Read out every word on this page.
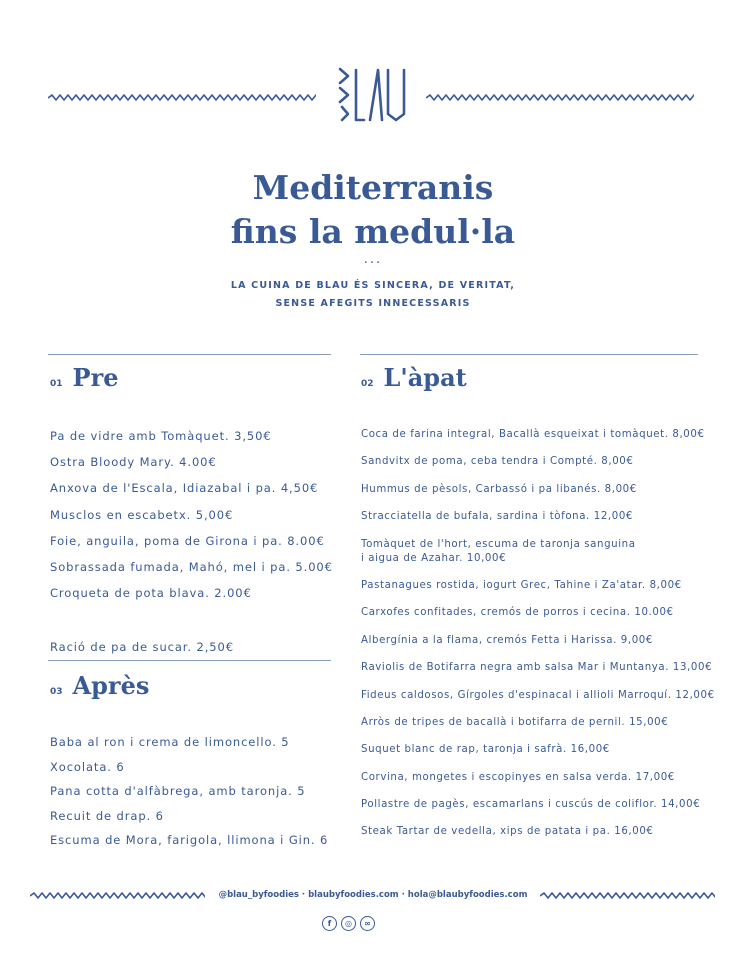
Mediterranis
fins la medul·la
...
LA CUINA DE BLAU ÉS SINCERA, DE VERITAT,
SENSE AFEGITS INNECESSARIS
01 Pre
Pa de vidre amb Tomàquet. 3,50€
Ostra Bloody Mary. 4.00€
Anxova de l'Escala, Idiazabal i pa. 4,50€
Musclos en escabetx. 5,00€
Foie, anguila, poma de Girona i pa. 8.00€
Sobrassada fumada, Mahó, mel i pa. 5.00€
Croqueta de pota blava. 2.00€
Ració de pa de sucar. 2,50€
03 Après
Baba al ron i crema de limoncello. 5
Xocolata. 6
Pana cotta d'alfàbrega, amb taronja. 5
Recuit de drap. 6
Escuma de Mora, farigola, llimona i Gin. 6
02 L'àpat
Coca de farina integral, Bacallà esqueixat i tomàquet. 8,00€
Sandvitx de poma, ceba tendra i Compté. 8,00€
Hummus de pèsols, Carbassó i pa libanés. 8,00€
Stracciatella de bufala, sardina i tòfona. 12,00€
Tomàquet de l'hort, escuma de taronja sanguina
i aigua de Azahar. 10,00€
Pastanagues rostida, iogurt Grec, Tahine i Za'atar. 8,00€
Carxofes confitades, cremós de porros i cecina. 10.00€
Albergínia a la flama, cremós Fetta i Harissa. 9,00€
Raviolis de Botifarra negra amb salsa Mar i Muntanya. 13,00€
Fideus caldosos, Gírgoles d'espinacal i allioli Marroquí. 12,00€
Arròs de tripes de bacallà i botifarra de pernil. 15,00€
Suquet blanc de rap, taronja i safrà. 16,00€
Corvina, mongetes i escopinyes en salsa verda. 17,00€
Pollastre de pagès, escamarlans i cuscús de coliflor. 14,00€
Steak Tartar de vedella, xips de patata i pa. 16,00€
@blau_byfoodies · blaubyfoodies.com · hola@blaubyfoodies.com
f	◎	∞
